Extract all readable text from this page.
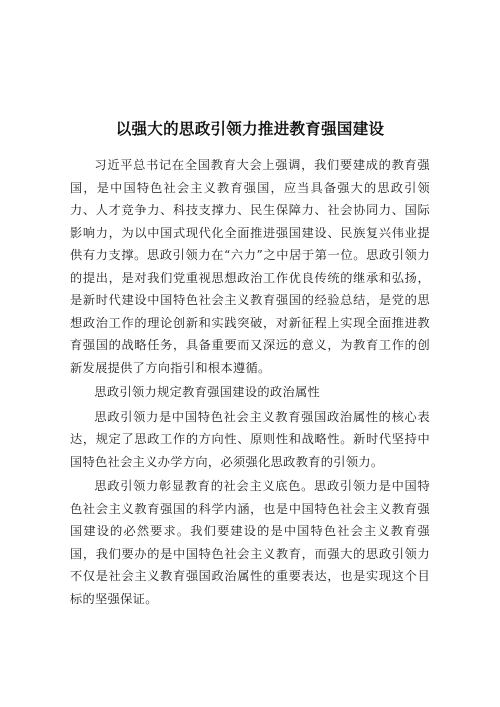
以强大的思政引领力推进教育强国建设

习近平总书记在全国教育大会上强调，我们要建成的教育强国，是中国特色社会主义教育强国，应当具备强大的思政引领力、人才竞争力、科技支撑力、民生保障力、社会协同力、国际影响力，为以中国式现代化全面推进强国建设、民族复兴伟业提供有力支撑。思政引领力在“六力”之中居于第一位。思政引领力的提出，是对我们党重视思想政治工作优良传统的继承和弘扬，是新时代建设中国特色社会主义教育强国的经验总结，是党的思想政治工作的理论创新和实践突破，对新征程上实现全面推进教育强国的战略任务，具备重要而又深远的意义，为教育工作的创新发展提供了方向指引和根本遵循。

思政引领力规定教育强国建设的政治属性

思政引领力是中国特色社会主义教育强国政治属性的核心表达，规定了思政工作的方向性、原则性和战略性。新时代坚持中国特色社会主义办学方向，必须强化思政教育的引领力。

思政引领力彰显教育的社会主义底色。思政引领力是中国特色社会主义教育强国的科学内涵，也是中国特色社会主义教育强国建设的必然要求。我们要建设的是中国特色社会主义教育强国，我们要办的是中国特色社会主义教育，而强大的思政引领力不仅是社会主义教育强国政治属性的重要表达，也是实现这个目标的坚强保证。
